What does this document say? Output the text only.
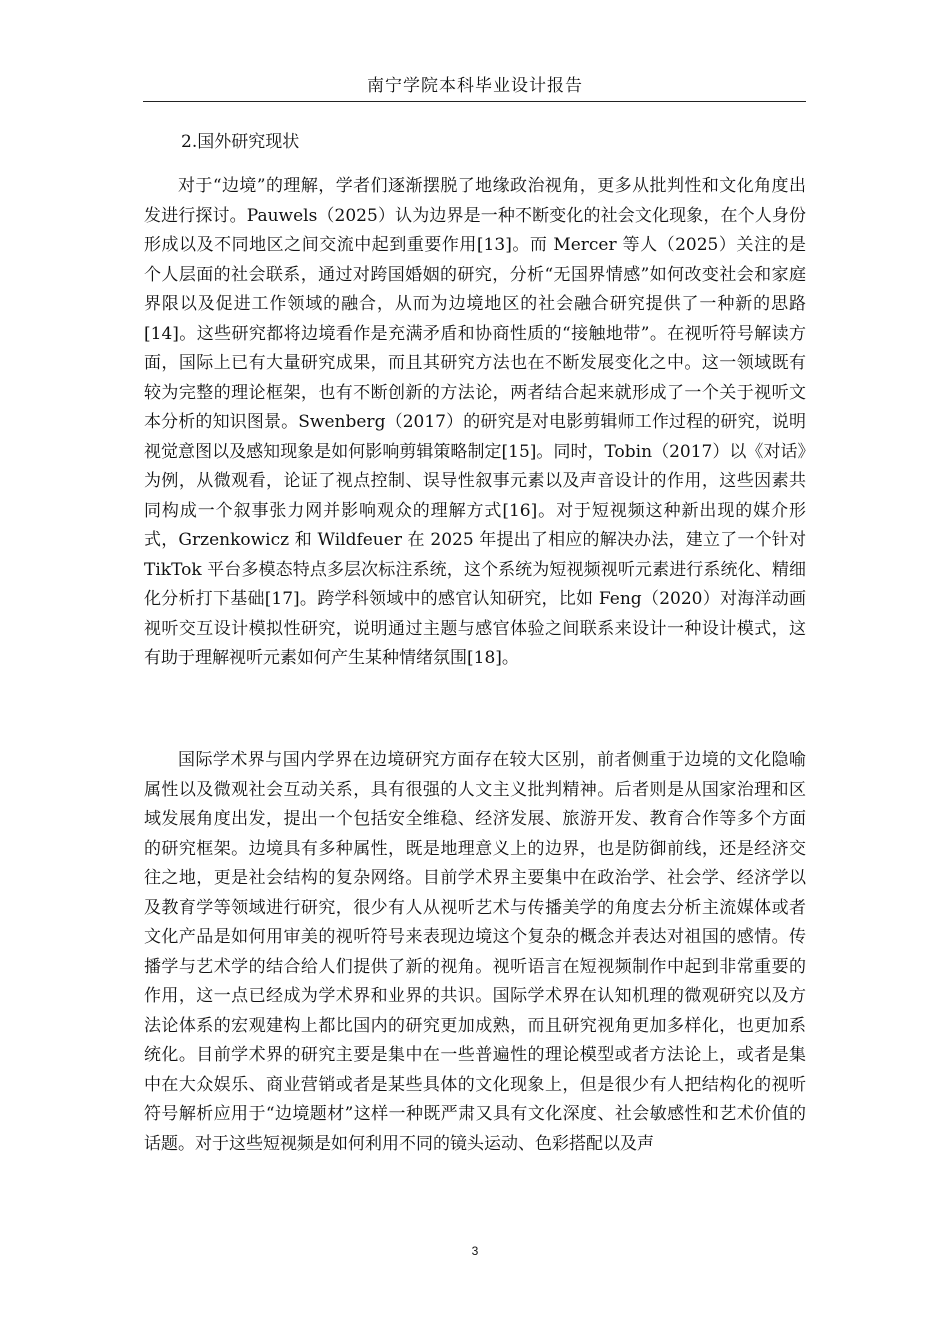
南宁学院本科毕业设计报告
2.国外研究现状

对于“边境”的理解，学者们逐渐摆脱了地缘政治视角，更多从批判性和文化角度出发进行探讨。Pauwels（2025）认为边界是一种不断变化的社会文化现象，在个人身份形成以及不同地区之间交流中起到重要作用[13]。而 Mercer 等人（2025）关注的是个人层面的社会联系，通过对跨国婚姻的研究，分析“无国界情感”如何改变社会和家庭界限以及促进工作领域的融合，从而为边境地区的社会融合研究提供了一种新的思路[14]。这些研究都将边境看作是充满矛盾和协商性质的“接触地带”。在视听符号解读方面，国际上已有大量研究成果，而且其研究方法也在不断发展变化之中。这一领域既有较为完整的理论框架，也有不断创新的方法论，两者结合起来就形成了一个关于视听文本分析的知识图景。Swenberg（2017）的研究是对电影剪辑师工作过程的研究，说明视觉意图以及感知现象是如何影响剪辑策略制定[15]。同时，Tobin（2017）以《对话》为例，从微观看，论证了视点控制、误导性叙事元素以及声音设计的作用，这些因素共同构成一个叙事张力网并影响观众的理解方式[16]。对于短视频这种新出现的媒介形式，Grzenkowicz 和 Wildfeuer 在 2025 年提出了相应的解决办法，建立了一个针对 TikTok 平台多模态特点多层次标注系统，这个系统为短视频视听元素进行系统化、精细化分析打下基础[17]。跨学科领域中的感官认知研究，比如 Feng（2020）对海洋动画视听交互设计模拟性研究，说明通过主题与感官体验之间联系来设计一种设计模式，这有助于理解视听元素如何产生某种情绪氛围[18]。

国际学术界与国内学界在边境研究方面存在较大区别，前者侧重于边境的文化隐喻属性以及微观社会互动关系，具有很强的人文主义批判精神。后者则是从国家治理和区域发展角度出发，提出一个包括安全维稳、经济发展、旅游开发、教育合作等多个方面的研究框架。边境具有多种属性，既是地理意义上的边界，也是防御前线，还是经济交往之地，更是社会结构的复杂网络。目前学术界主要集中在政治学、社会学、经济学以及教育学等领域进行研究，很少有人从视听艺术与传播美学的角度去分析主流媒体或者文化产品是如何用审美的视听符号来表现边境这个复杂的概念并表达对祖国的感情。传播学与艺术学的结合给人们提供了新的视角。视听语言在短视频制作中起到非常重要的作用，这一点已经成为学术界和业界的共识。国际学术界在认知机理的微观研究以及方法论体系的宏观建构上都比国内的研究更加成熟，而且研究视角更加多样化，也更加系统化。目前学术界的研究主要是集中在一些普遍性的理论模型或者方法论上，或者是集中在大众娱乐、商业营销或者是某些具体的文化现象上，但是很少有人把结构化的视听符号解析应用于“边境题材”这样一种既严肃又具有文化深度、社会敏感性和艺术价值的话题。对于这些短视频是如何利用不同的镜头运动、色彩搭配以及声

3
